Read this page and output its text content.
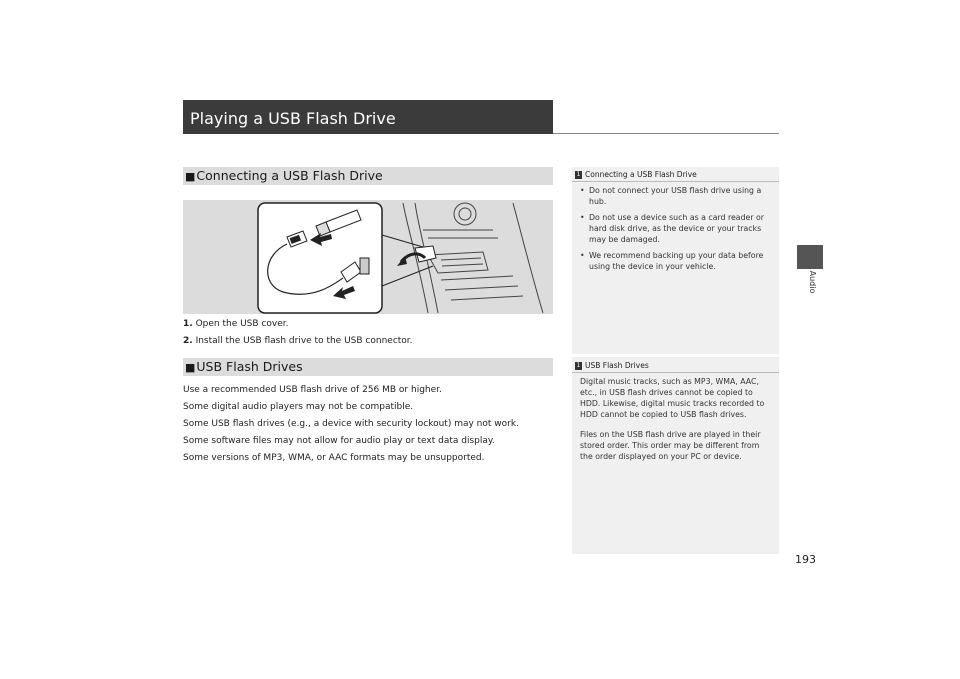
Playing a USB Flash Drive
Audio
■Connecting a USB Flash Drive
1. Open the USB cover.
2. Install the USB flash drive to the USB connector.
■USB Flash Drives
Use a recommended USB flash drive of 256 MB or higher.
Some digital audio players may not be compatible.
Some USB flash drives (e.g., a device with security lockout) may not work.
Some software files may not allow for audio play or text data display.
Some versions of MP3, WMA, or AAC formats may be unsupported.
1 Connecting a USB Flash Drive
• Do not connect your USB flash drive using a
hub.
• Do not use a device such as a card reader or
hard disk drive, as the device or your tracks
may be damaged.
• We recommend backing up your data before
using the device in your vehicle.
1 USB Flash Drives
Digital music tracks, such as MP3, WMA, AAC,
etc., in USB flash drives cannot be copied to
HDD. Likewise, digital music tracks recorded to
HDD cannot be copied to USB flash drives.
Files on the USB flash drive are played in their
stored order. This order may be different from
the order displayed on your PC or device.
193
